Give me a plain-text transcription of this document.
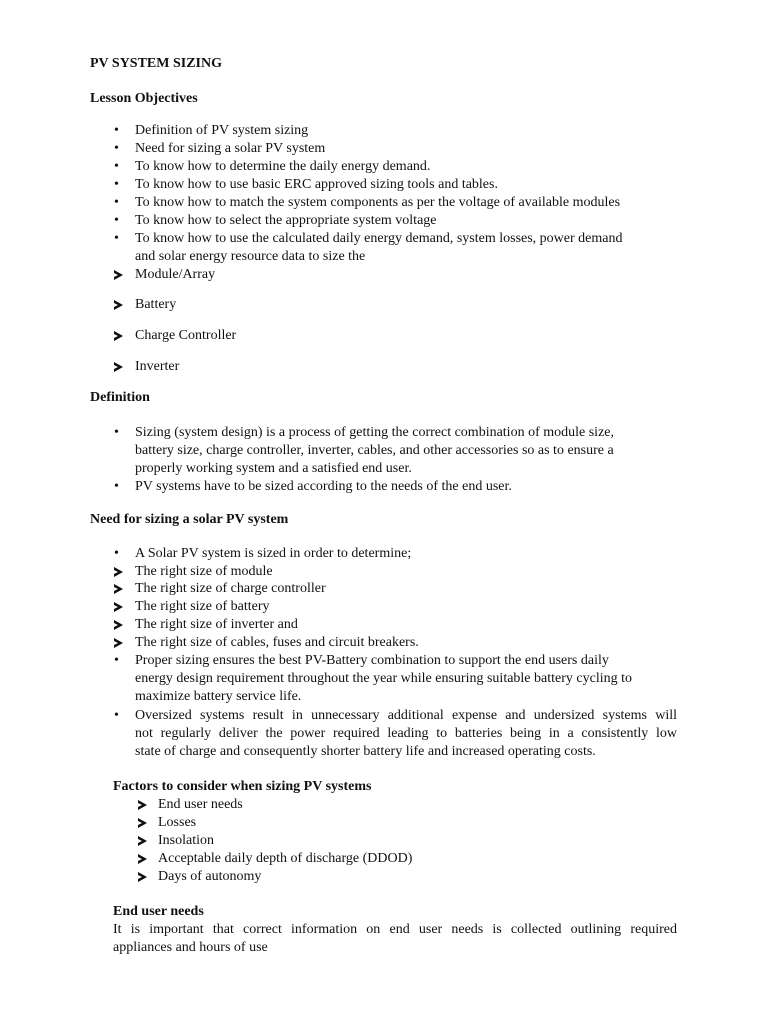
PV SYSTEM SIZING
Lesson Objectives
• Definition of PV system sizing
• Need for sizing a solar PV system
• To know how to determine the daily energy demand.
• To know how to use basic ERC approved sizing tools and tables.
• To know how to match the system components as per the voltage of available modules
• To know how to select the appropriate system voltage
• To know how to use the calculated daily energy demand, system losses, power demand
and solar energy resource data to size the
Module/Array
Battery
Charge Controller
Inverter
Definition
• Sizing (system design) is a process of getting the correct combination of module size,
battery size, charge controller, inverter, cables, and other accessories so as to ensure a
properly working system and a satisfied end user.
• PV systems have to be sized according to the needs of the end user.
Need for sizing a solar PV system
• A Solar PV system is sized in order to determine;
The right size of module
The right size of charge controller
The right size of battery
The right size of inverter and
The right size of cables, fuses and circuit breakers.
• Proper sizing ensures the best PV-Battery combination to support the end users daily
energy design requirement throughout the year while ensuring suitable battery cycling to
maximize battery service life.
• Oversized systems result in unnecessary additional expense and undersized systems will
not regularly deliver the power required leading to batteries being in a consistently low
state of charge and consequently shorter battery life and increased operating costs.
Factors to consider when sizing PV systems
End user needs
Losses
Insolation
Acceptable daily depth of discharge (DDOD)
Days of autonomy
End user needs
It is important that correct information on end user needs is collected outlining required
appliances and hours of use
